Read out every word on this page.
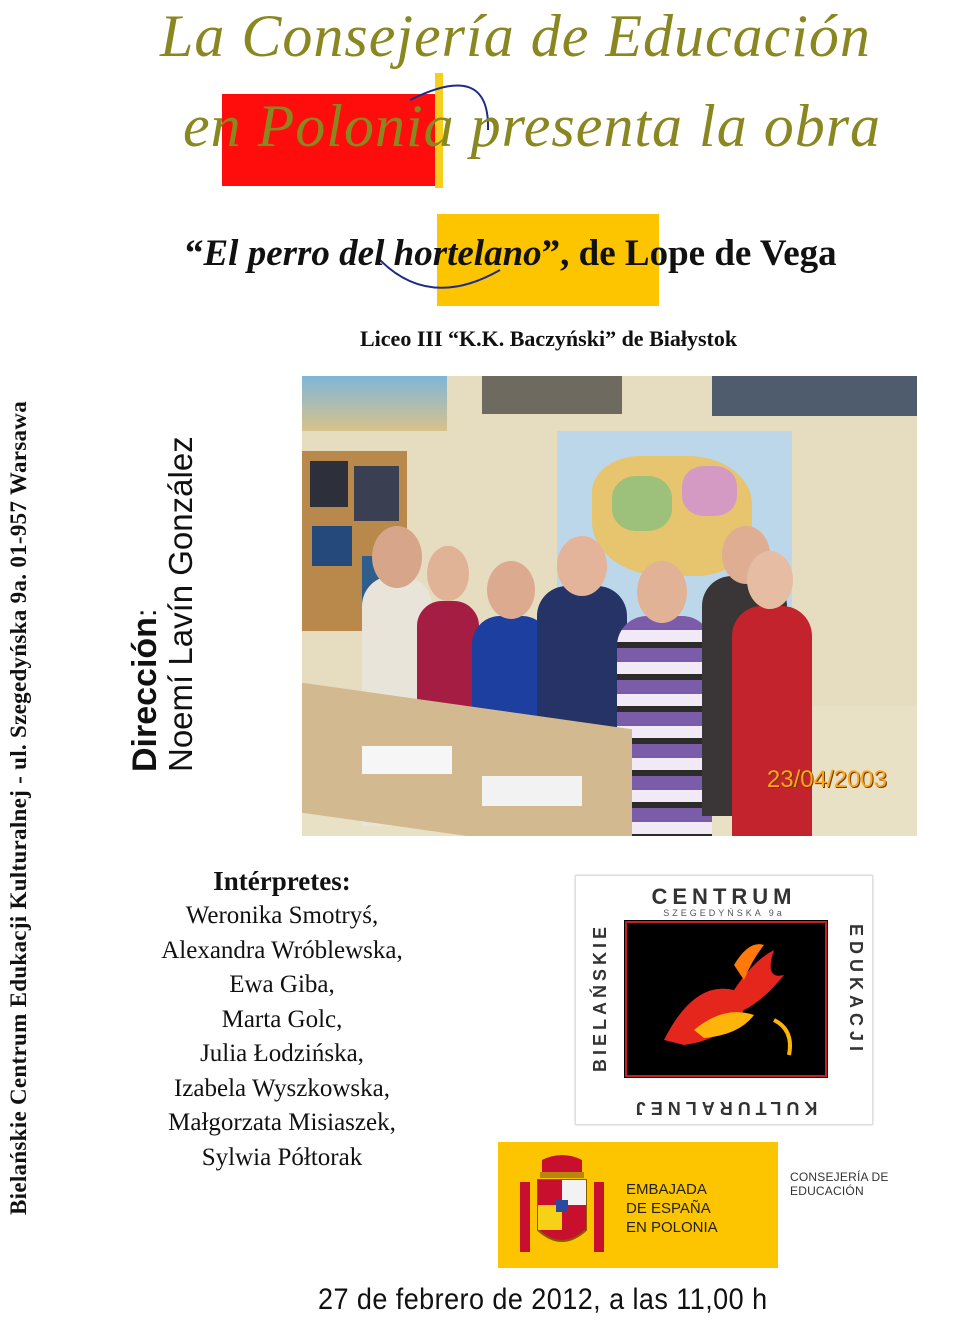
Bielańskie Centrum Edukacji Kulturalnej - ul. Szegedyńska 9a. 01-957 Warsawa	Dirección:
Noemí Lavín González
La Consejería de Educación
en Polonia presenta la obra
“El perro del hortelano”, de Lope de Vega
Liceo III “K.K. Baczyński” de Białystok
23/04/2003
Intérpretes:
Weronika Smotryś,
Alexandra Wróblewska,
Ewa Giba,
Marta Golc,
Julia Łodzińska,
Izabela Wyszkowska,
Małgorzata Misiaszek,
Sylwia Półtorak
CENTRUM
SZEGEDYŃSKA 9a
BIELAŃSKIE	EDUKACJI
KULTURALNEJ
EMBAJADA
DE ESPAÑA
EN POLONIA
CONSEJERÍA DE EDUCACIÓN
27 de febrero de 2012, a las 11,00 h
